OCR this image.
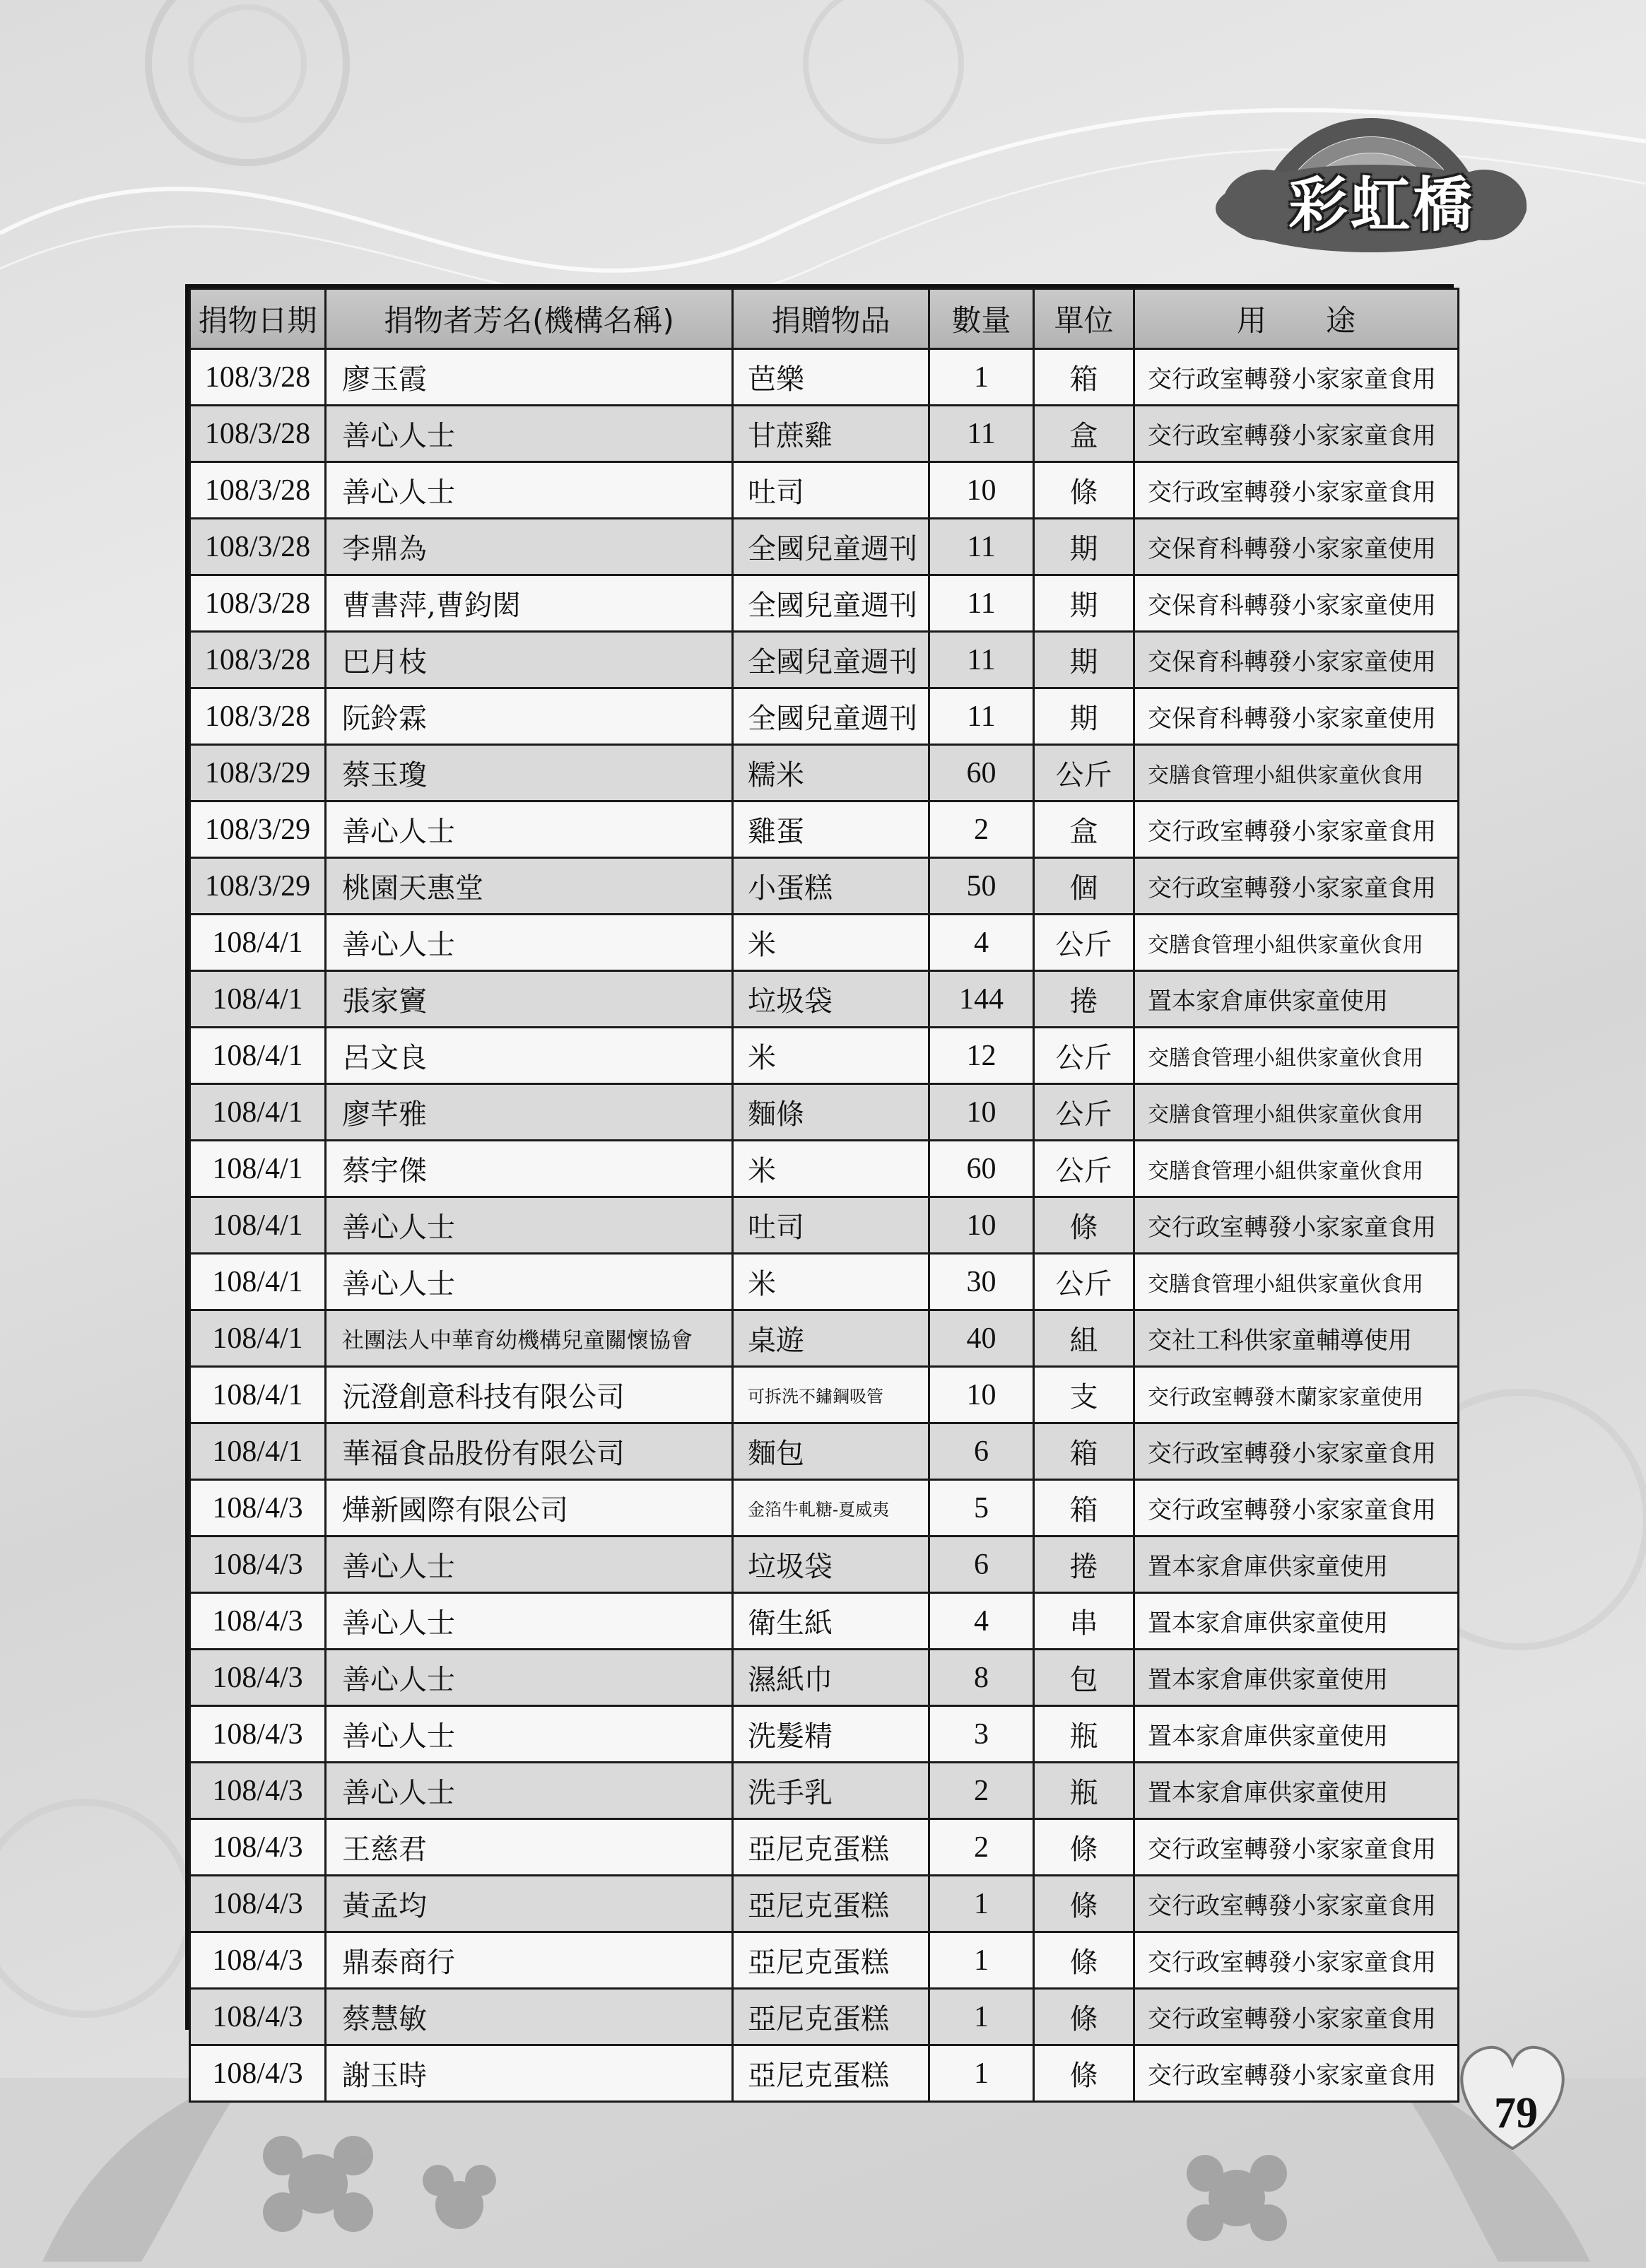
彩虹橋
捐物日期	捐物者芳名(機構名稱)	捐贈物品	數量	單位	用　　途
108/3/28	廖玉霞	芭樂	1	箱	交行政室轉發小家家童食用
108/3/28	善心人士	甘蔗雞	11	盒	交行政室轉發小家家童食用
108/3/28	善心人士	吐司	10	條	交行政室轉發小家家童食用
108/3/28	李鼎為	全國兒童週刊	11	期	交保育科轉發小家家童使用
108/3/28	曹書萍,曹鈞閎	全國兒童週刊	11	期	交保育科轉發小家家童使用
108/3/28	巴月枝	全國兒童週刊	11	期	交保育科轉發小家家童使用
108/3/28	阮鈴霖	全國兒童週刊	11	期	交保育科轉發小家家童使用
108/3/29	蔡玉瓊	糯米	60	公斤	交膳食管理小組供家童伙食用
108/3/29	善心人士	雞蛋	2	盒	交行政室轉發小家家童食用
108/3/29	桃園天惠堂	小蛋糕	50	個	交行政室轉發小家家童食用
108/4/1	善心人士	米	4	公斤	交膳食管理小組供家童伙食用
108/4/1	張家竇	垃圾袋	144	捲	置本家倉庫供家童使用
108/4/1	呂文良	米	12	公斤	交膳食管理小組供家童伙食用
108/4/1	廖芊雅	麵條	10	公斤	交膳食管理小組供家童伙食用
108/4/1	蔡宇傑	米	60	公斤	交膳食管理小組供家童伙食用
108/4/1	善心人士	吐司	10	條	交行政室轉發小家家童食用
108/4/1	善心人士	米	30	公斤	交膳食管理小組供家童伙食用
108/4/1	社團法人中華育幼機構兒童關懷協會	桌遊	40	組	交社工科供家童輔導使用
108/4/1	沅澄創意科技有限公司	可拆洗不鏽鋼吸管	10	支	交行政室轉發木蘭家家童使用
108/4/1	華福食品股份有限公司	麵包	6	箱	交行政室轉發小家家童食用
108/4/3	燁新國際有限公司	金箔牛軋糖-夏威夷	5	箱	交行政室轉發小家家童食用
108/4/3	善心人士	垃圾袋	6	捲	置本家倉庫供家童使用
108/4/3	善心人士	衛生紙	4	串	置本家倉庫供家童使用
108/4/3	善心人士	濕紙巾	8	包	置本家倉庫供家童使用
108/4/3	善心人士	洗髮精	3	瓶	置本家倉庫供家童使用
108/4/3	善心人士	洗手乳	2	瓶	置本家倉庫供家童使用
108/4/3	王慈君	亞尼克蛋糕	2	條	交行政室轉發小家家童食用
108/4/3	黃孟均	亞尼克蛋糕	1	條	交行政室轉發小家家童食用
108/4/3	鼎泰商行	亞尼克蛋糕	1	條	交行政室轉發小家家童食用
108/4/3	蔡慧敏	亞尼克蛋糕	1	條	交行政室轉發小家家童食用
108/4/3	謝玉時	亞尼克蛋糕	1	條	交行政室轉發小家家童食用
79
